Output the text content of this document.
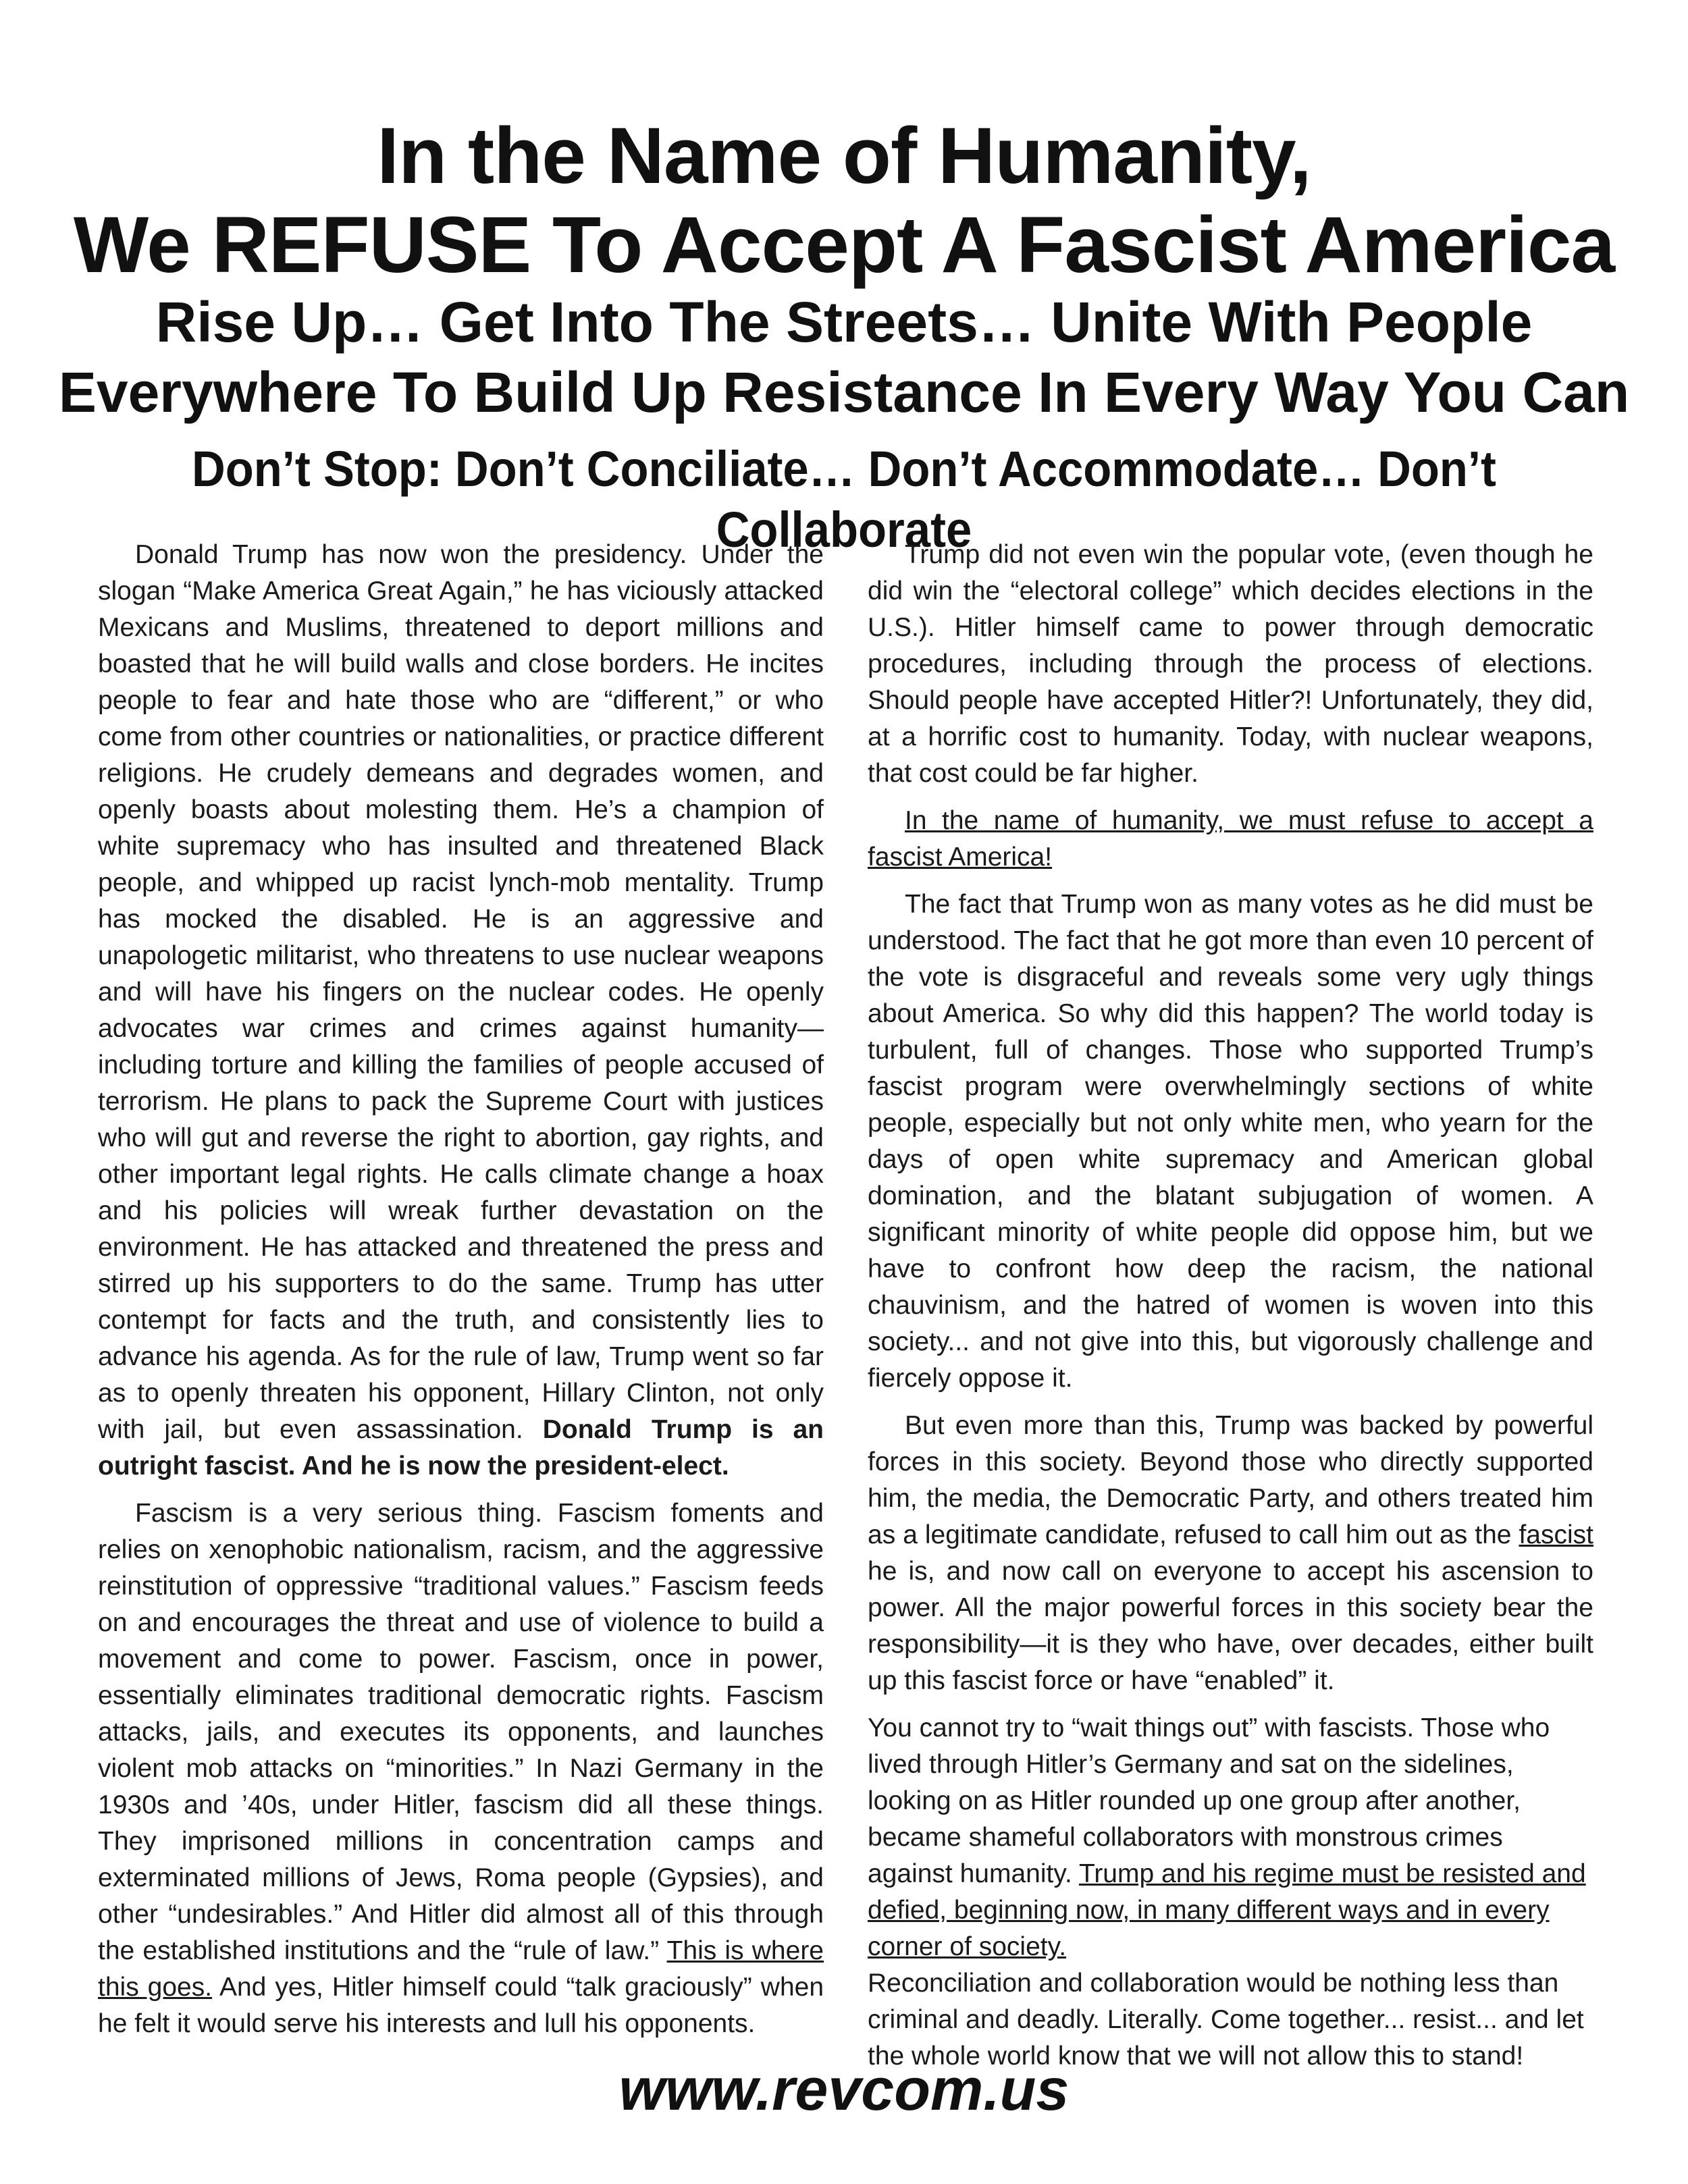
In the Name of Humanity,
We REFUSE To Accept A Fascist America
Rise Up… Get Into The Streets… Unite With People
Everywhere To Build Up Resistance In Every Way You Can
Don’t Stop: Don’t Conciliate… Don’t Accommodate… Don’t Collaborate

Donald Trump has now won the presidency. Under the slogan “Make America Great Again,” he has viciously attacked Mexicans and Muslims, threatened to deport millions and boasted that he will build walls and close borders. He incites people to fear and hate those who are “different,” or who come from other countries or nationalities, or practice different religions. He crudely demeans and degrades women, and openly boasts about molesting them. He’s a champion of white supremacy who has insulted and threatened Black people, and whipped up racist lynch-mob mentality. Trump has mocked the disabled. He is an aggressive and unapologetic militarist, who threatens to use nuclear weapons and will have his fingers on the nuclear codes. He openly advocates war crimes and crimes against humanity—including torture and killing the families of people accused of terrorism. He plans to pack the Supreme Court with justices who will gut and reverse the right to abortion, gay rights, and other important legal rights. He calls climate change a hoax and his policies will wreak further devastation on the environment. He has attacked and threatened the press and stirred up his supporters to do the same. Trump has utter contempt for facts and the truth, and consistently lies to advance his agenda. As for the rule of law, Trump went so far as to openly threaten his opponent, Hillary Clinton, not only with jail, but even assassination. Donald Trump is an outright fascist. And he is now the president-elect.

Fascism is a very serious thing. Fascism foments and relies on xenophobic nationalism, racism, and the aggressive reinstitution of oppressive “traditional values.” Fascism feeds on and encourages the threat and use of violence to build a movement and come to power. Fascism, once in power, essentially eliminates traditional democratic rights. Fascism attacks, jails, and executes its opponents, and launches violent mob attacks on “minorities.” In Nazi Germany in the 1930s and ’40s, under Hitler, fascism did all these things. They imprisoned millions in concentration camps and exterminated millions of Jews, Roma people (Gypsies), and other “undesirables.” And Hitler did almost all of this through the established institutions and the “rule of law.” This is where this goes. And yes, Hitler himself could “talk graciously” when he felt it would serve his interests and lull his opponents.

Trump did not even win the popular vote, (even though he did win the “electoral college” which decides elections in the U.S.). Hitler himself came to power through democratic procedures, including through the process of elections. Should people have accepted Hitler?! Unfortunately, they did, at a horrific cost to humanity. Today, with nuclear weapons, that cost could be far higher.

In the name of humanity, we must refuse to accept a fascist America!

The fact that Trump won as many votes as he did must be understood. The fact that he got more than even 10 percent of the vote is disgraceful and reveals some very ugly things about America. So why did this happen? The world today is turbulent, full of changes. Those who supported Trump’s fascist program were overwhelmingly sections of white people, especially but not only white men, who yearn for the days of open white supremacy and American global domination, and the blatant subjugation of women. A significant minority of white people did oppose him, but we have to confront how deep the racism, the national chauvinism, and the hatred of women is woven into this society... and not give into this, but vigorously challenge and fiercely oppose it.

But even more than this, Trump was backed by powerful forces in this society. Beyond those who directly supported him, the media, the Democratic Party, and others treated him as a legitimate candidate, refused to call him out as the fascist he is, and now call on everyone to accept his ascension to power. All the major powerful forces in this society bear the responsibility—it is they who have, over decades, either built up this fascist force or have “enabled” it.

You cannot try to “wait things out” with fascists. Those who lived through Hitler’s Germany and sat on the sidelines, looking on as Hitler rounded up one group after another, became shameful collaborators with monstrous crimes against humanity. Trump and his regime must be resisted and defied, beginning now, in many different ways and in every corner of society.
Reconciliation and collaboration would be nothing less than criminal and deadly. Literally. Come together... resist... and let the whole world know that we will not allow this to stand!

www.revcom.us
